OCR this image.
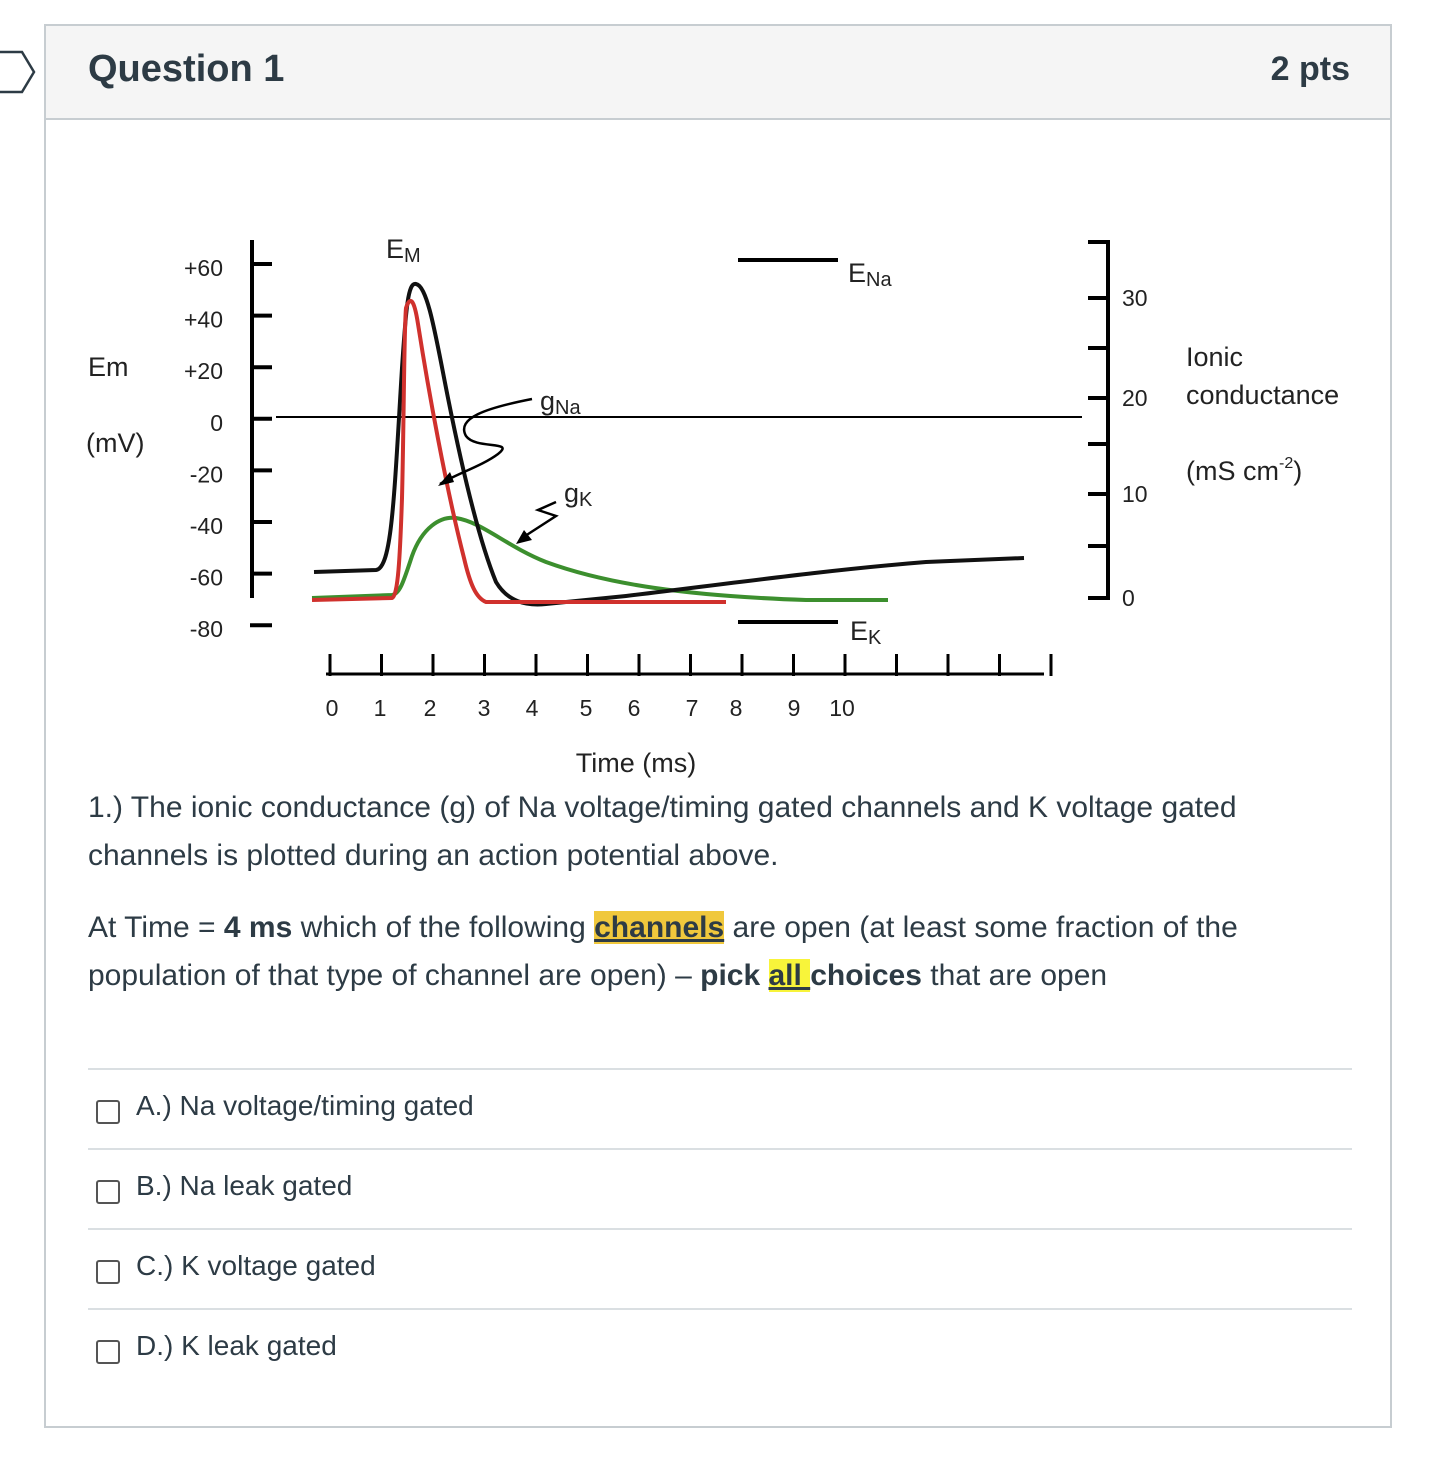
Question 1	2 pts
Em
(mV)
+60
+40
+20
0
-20
-40
-60
-80
30
20
10
0
Ionic
conductance
(mS $cm^{-2}$)
0 1 2 3 4 5 6 7 8 9 10
Time (ms)
ENa
EK
EM
gNa
gK

1.) The ionic conductance (g) of Na voltage/timing gated channels and K voltage gated channels is plotted during an action potential above.

At Time = 4 ms which of the following channels are open (at least some fraction of the population of that type of channel are open) – pick all choices that are open

A.) Na voltage/timing gated
B.) Na leak gated
C.) K voltage gated
D.) K leak gated
